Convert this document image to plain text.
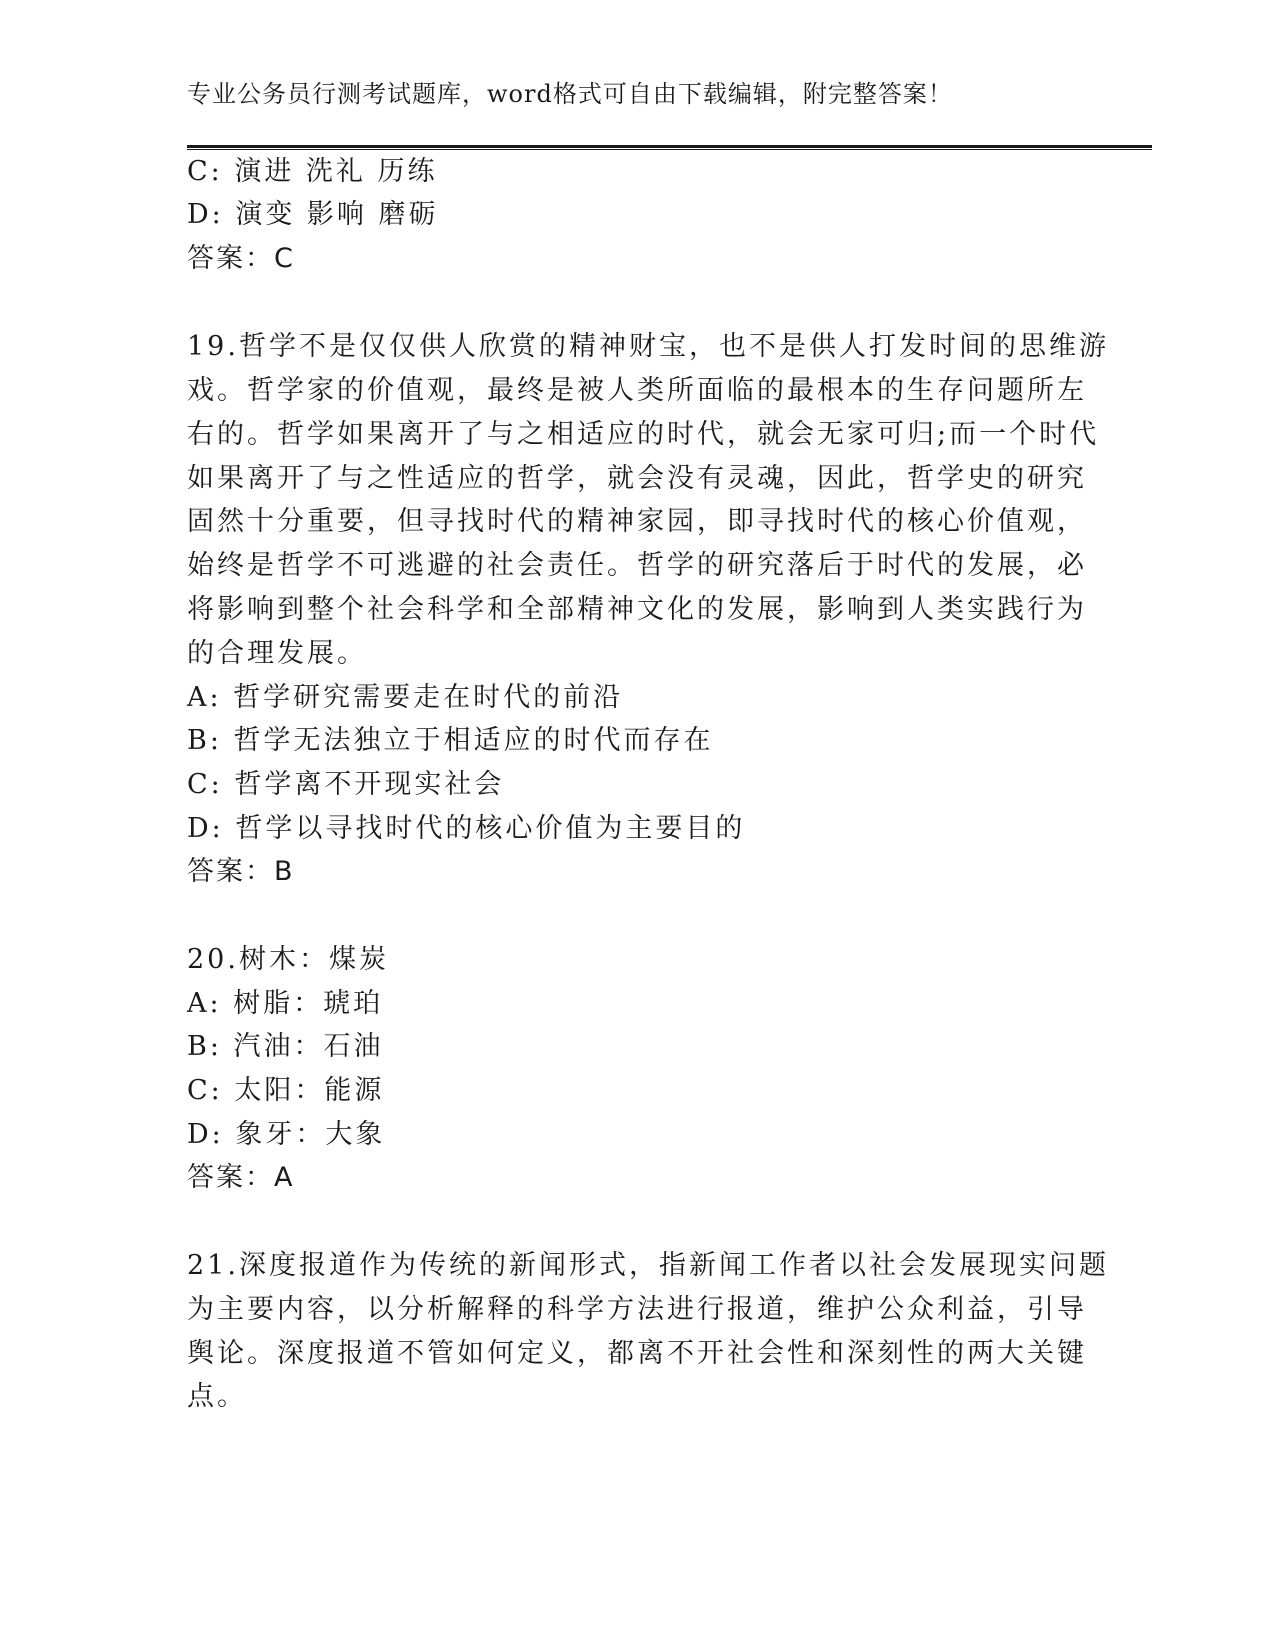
专业公务员行测考试题库，word格式可自由下载编辑，附完整答案！
C: 演进 洗礼 历练
D: 演变 影响 磨砺
答案：C
19.哲学不是仅仅供人欣赏的精神财宝，也不是供人打发时间的思维游
戏。哲学家的价值观，最终是被人类所面临的最根本的生存问题所左
右的。哲学如果离开了与之相适应的时代，就会无家可归;而一个时代
如果离开了与之性适应的哲学，就会没有灵魂，因此，哲学史的研究
固然十分重要，但寻找时代的精神家园，即寻找时代的核心价值观，
始终是哲学不可逃避的社会责任。哲学的研究落后于时代的发展，必
将影响到整个社会科学和全部精神文化的发展，影响到人类实践行为
的合理发展。
A: 哲学研究需要走在时代的前沿
B: 哲学无法独立于相适应的时代而存在
C: 哲学离不开现实社会
D: 哲学以寻找时代的核心价值为主要目的
答案：B
20.树木：煤炭
A: 树脂：琥珀
B: 汽油：石油
C: 太阳：能源
D: 象牙：大象
答案：A
21.深度报道作为传统的新闻形式，指新闻工作者以社会发展现实问题
为主要内容，以分析解释的科学方法进行报道，维护公众利益，引导
舆论。深度报道不管如何定义，都离不开社会性和深刻性的两大关键
点。
